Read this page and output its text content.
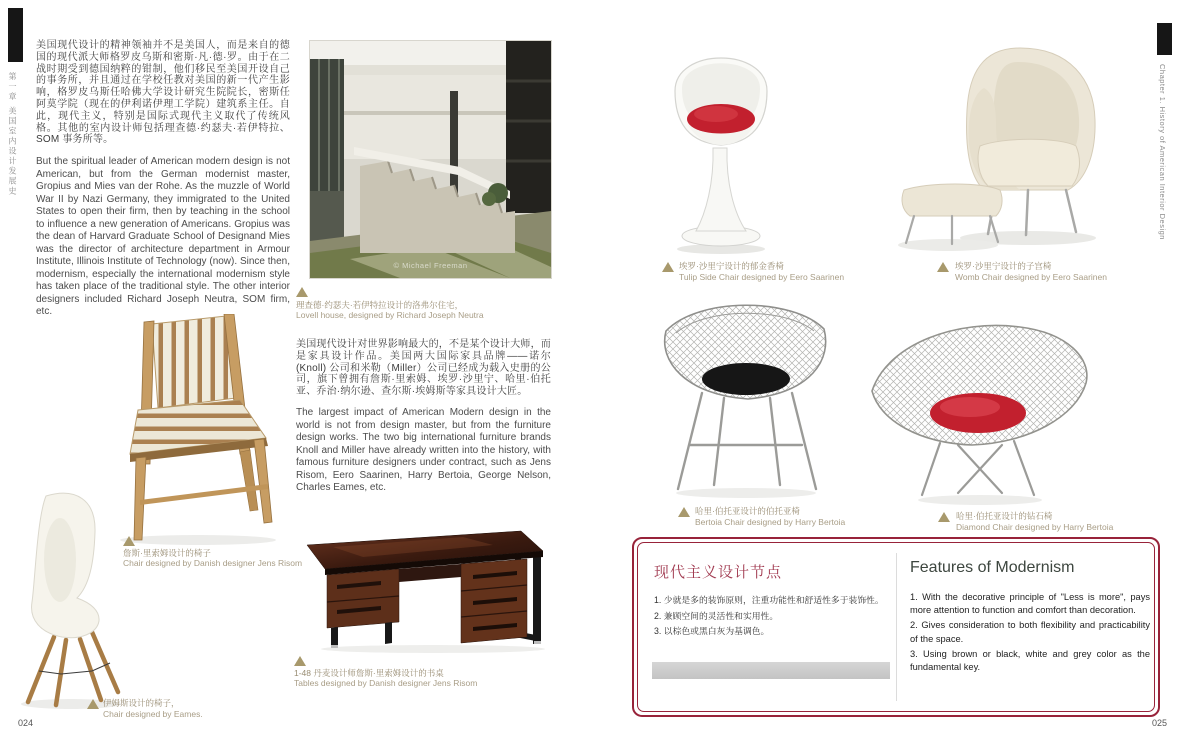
第一章 美国室内设计发展史	Chapter 1. History of American Interior Design
美国现代设计的精神领袖并不是美国人，而是来自的德国的现代派大师格罗皮乌斯和密斯·凡·德·罗。由于在二战时期受到德国纳粹的钳制，他们移民至美国开设自己的事务所，并且通过在学校任教对美国的新一代产生影响，格罗皮乌斯任哈佛大学设计研究生院院长，密斯任阿莫学院（现在的伊利诺伊理工学院）建筑系主任。自此，现代主义，特别是国际式现代主义取代了传统风格。其他的室内设计师包括理查德·约瑟夫·若伊特拉、SOM 事务所等。
But the spiritual leader of American modern design is not American, but from the German modernist master, Gropius and Mies van der Rohe. As the muzzle of World War II by Nazi Germany, they immigrated to the United States to open their firm, then by teaching in the school to influence a new generation of Americans. Gropius was the dean of Harvard Graduate School of Designand Mies was the director of architecture department in Armour Institute, Illinois Institute of Technology (now). Since then, modernism, especially the international modernism style has taken place of the traditional style. The other interior designers included Richard Joseph Neutra, SOM firm, etc.
© Michael Freeman
理查德·约瑟夫·若伊特拉设计的洛弗尔住宅，
Lovell house, designed by Richard Joseph Neutra
美国现代设计对世界影响最大的，不是某个设计大师，而是家具设计作品。美国两大国际家具品牌——诺尔 (Knoll) 公司和米勒（Miller）公司已经成为载入史册的公司，旗下曾拥有詹斯·里索姆、埃罗·沙里宁、哈里·伯托亚、乔治·纳尔逊、查尔斯·埃姆斯等家具设计大匠。
The largest impact of American Modern design in the world is not from design master, but from the furniture design works. The two big international furniture brands Knoll and Miller have already written into the history, with famous furniture designers under contract, such as Jens Risom, Eero Saarinen, Harry Bertoia, George Nelson, Charles Eames, etc.
詹斯·里索姆设计的椅子
Chair designed by Danish designer Jens Risom
伊姆斯设计的椅子，
Chair designed by Eames.
1-48 丹麦设计师詹斯·里索姆设计的书桌
Tables designed by Danish designer Jens Risom
024
埃罗·沙里宁设计的郁金香椅
Tulip Side Chair designed by Eero Saarinen
埃罗·沙里宁设计的子宫椅
Womb Chair designed by Eero Saarinen
哈里·伯托亚设计的伯托亚椅
Bertoia Chair designed by Harry Bertoia
哈里·伯托亚设计的钻石椅
Diamond Chair designed by Harry Bertoia
现代主义设计节点
1. 少就是多的装饰原则，注重功能性和舒适性多于装饰性。
2. 兼顾空间的灵活性和实用性。
3. 以棕色或黑白灰为基调色。
Features of Modernism
1. With the decorative principle of "Less is more", pays more attention to function and comfort than decoration.
2. Gives consideration to both flexibility and practicability of the space.
3. Using brown or black, white and grey color as the fundamental key.
025
